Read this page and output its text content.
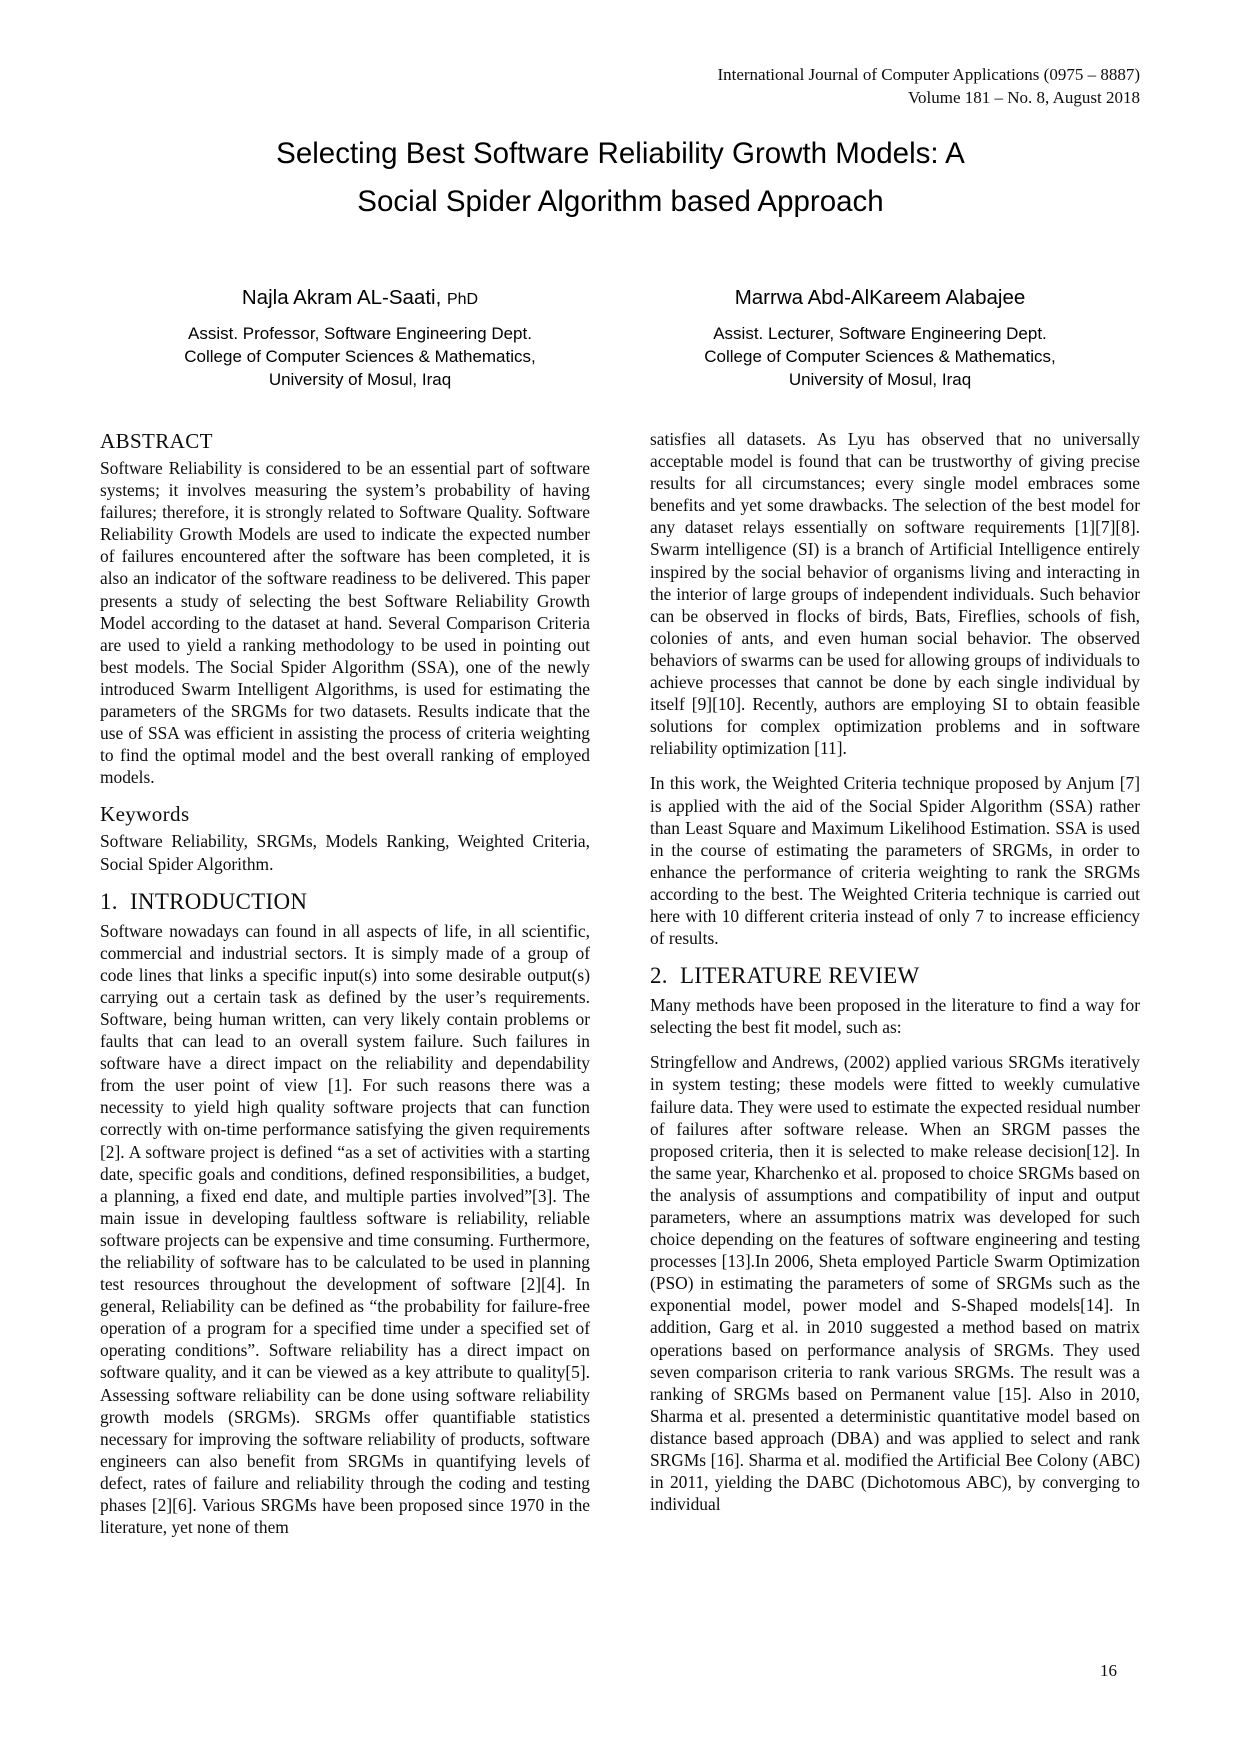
International Journal of Computer Applications (0975 – 8887)
Volume 181 – No. 8, August 2018
Selecting Best Software Reliability Growth Models: A
Social Spider Algorithm based Approach
Najla Akram AL-Saati, PhD
Assist. Professor, Software Engineering Dept.
College of Computer Sciences & Mathematics,
University of Mosul, Iraq
Marrwa Abd-AlKareem Alabajee
Assist. Lecturer, Software Engineering Dept.
College of Computer Sciences & Mathematics,
University of Mosul, Iraq
ABSTRACT

Software Reliability is considered to be an essential part of software systems; it involves measuring the system’s probability of having failures; therefore, it is strongly related to Software Quality. Software Reliability Growth Models are used to indicate the expected number of failures encountered after the software has been completed, it is also an indicator of the software readiness to be delivered. This paper presents a study of selecting the best Software Reliability Growth Model according to the dataset at hand. Several Comparison Criteria are used to yield a ranking methodology to be used in pointing out best models. The Social Spider Algorithm (SSA), one of the newly introduced Swarm Intelligent Algorithms, is used for estimating the parameters of the SRGMs for two datasets. Results indicate that the use of SSA was efficient in assisting the process of criteria weighting to find the optimal model and the best overall ranking of employed models.

Keywords

Software Reliability, SRGMs, Models Ranking, Weighted Criteria, Social Spider Algorithm.

1.  INTRODUCTION

Software nowadays can found in all aspects of life, in all scientific, commercial and industrial sectors. It is simply made of a group of code lines that links a specific input(s) into some desirable output(s) carrying out a certain task as defined by the user’s requirements. Software, being human written, can very likely contain problems or faults that can lead to an overall system failure. Such failures in software have a direct impact on the reliability and dependability from the user point of view [1]. For such reasons there was a necessity to yield high quality software projects that can function correctly with on-time performance satisfying the given requirements [2]. A software project is defined “as a set of activities with a starting date, specific goals and conditions, defined responsibilities, a budget, a planning, a fixed end date, and multiple parties involved”[3]. The main issue in developing faultless software is reliability, reliable software projects can be expensive and time consuming. Furthermore, the reliability of software has to be calculated to be used in planning test resources throughout the development of software [2][4]. In general, Reliability can be defined as “the probability for failure-free operation of a program for a specified time under a specified set of operating conditions”. Software reliability has a direct impact on software quality, and it can be viewed as a key attribute to quality[5]. Assessing software reliability can be done using software reliability growth models (SRGMs). SRGMs offer quantifiable statistics necessary for improving the software reliability of products, software engineers can also benefit from SRGMs in quantifying levels of defect, rates of failure and reliability through the coding and testing phases [2][6]. Various SRGMs have been proposed since 1970 in the literature, yet none of them

satisfies all datasets. As Lyu has observed that no universally acceptable model is found that can be trustworthy of giving precise results for all circumstances; every single model embraces some benefits and yet some drawbacks. The selection of the best model for any dataset relays essentially on software requirements [1][7][8]. Swarm intelligence (SI) is a branch of Artificial Intelligence entirely inspired by the social behavior of organisms living and interacting in the interior of large groups of independent individuals. Such behavior can be observed in flocks of birds, Bats, Fireflies, schools of fish, colonies of ants, and even human social behavior. The observed behaviors of swarms can be used for allowing groups of individuals to achieve processes that cannot be done by each single individual by itself [9][10]. Recently, authors are employing SI to obtain feasible solutions for complex optimization problems and in software reliability optimization [11].

In this work, the Weighted Criteria technique proposed by Anjum [7] is applied with the aid of the Social Spider Algorithm (SSA) rather than Least Square and Maximum Likelihood Estimation. SSA is used in the course of estimating the parameters of SRGMs, in order to enhance the performance of criteria weighting to rank the SRGMs according to the best. The Weighted Criteria technique is carried out here with 10 different criteria instead of only 7 to increase efficiency of results.

2.  LITERATURE REVIEW

Many methods have been proposed in the literature to find a way for selecting the best fit model, such as:

Stringfellow and Andrews, (2002) applied various SRGMs iteratively in system testing; these models were fitted to weekly cumulative failure data. They were used to estimate the expected residual number of failures after software release. When an SRGM passes the proposed criteria, then it is selected to make release decision[12]. In the same year, Kharchenko et al. proposed to choice SRGMs based on the analysis of assumptions and compatibility of input and output parameters, where an assumptions matrix was developed for such choice depending on the features of software engineering and testing processes [13].In 2006, Sheta employed Particle Swarm Optimization (PSO) in estimating the parameters of some of SRGMs such as the exponential model, power model and S-Shaped models[14]. In addition, Garg et al. in 2010 suggested a method based on matrix operations based on performance analysis of SRGMs. They used seven comparison criteria to rank various SRGMs. The result was a ranking of SRGMs based on Permanent value [15]. Also in 2010, Sharma et al. presented a deterministic quantitative model based on distance based approach (DBA) and was applied to select and rank SRGMs [16]. Sharma et al. modified the Artificial Bee Colony (ABC) in 2011, yielding the DABC (Dichotomous ABC), by converging to individual

16
